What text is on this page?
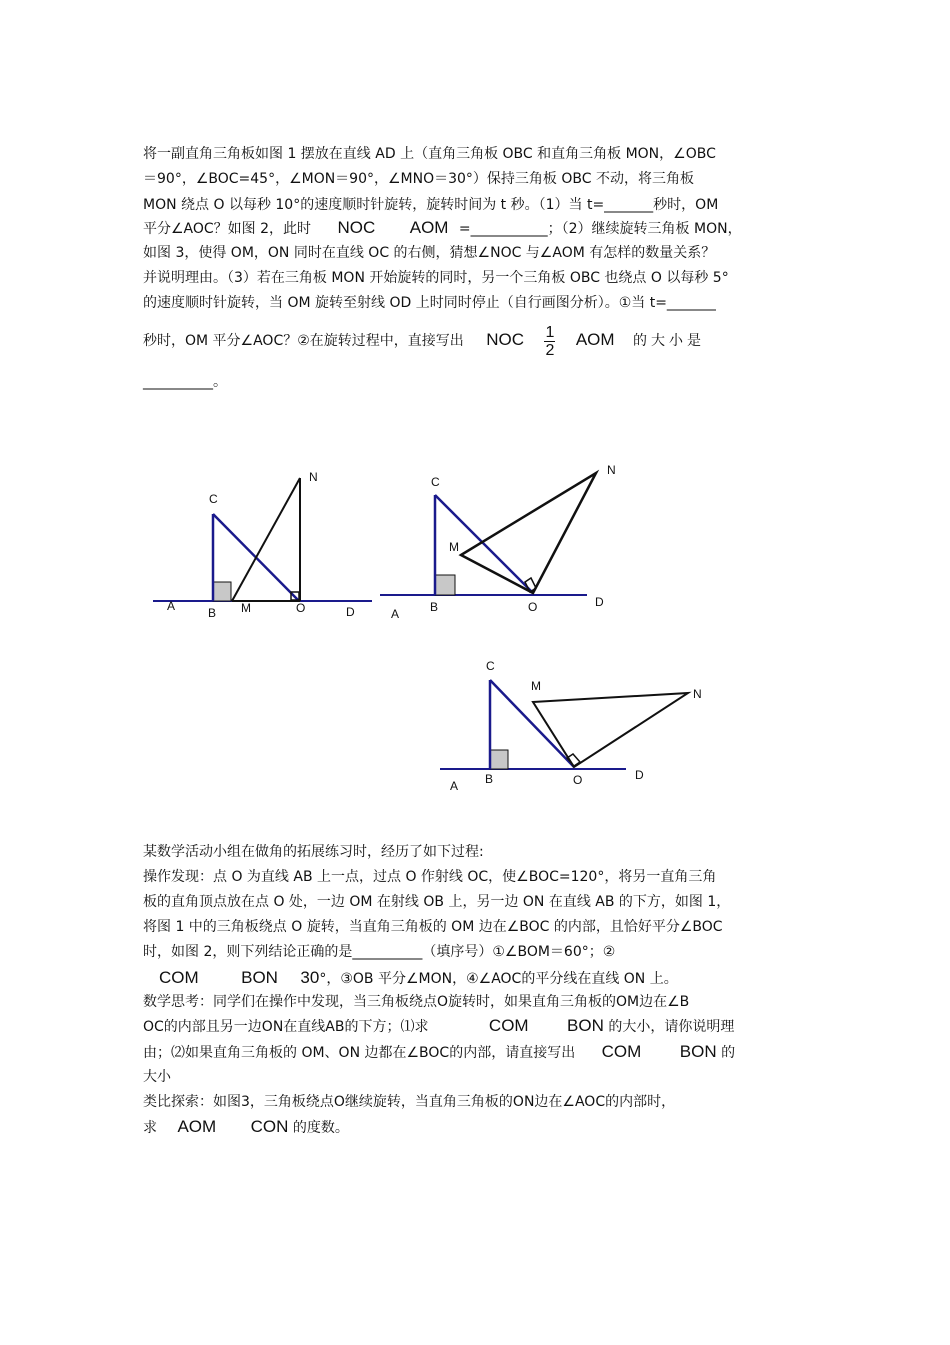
将一副直角三角板如图 1 摆放在直线 AD 上（直角三角板 OBC 和直角三角板 MON，∠OBC
＝90°，∠BOC=45°，∠MON＝90°，∠MNO＝30°）保持三角板 OBC 不动，将三角板
MON 绕点 O 以每秒 10°的速度顺时针旋转，旋转时间为 t 秒。（1）当 t=_______秒时，OM
平分∠AOC？如图 2，此时 NOC AOM =___________；（2）继续旋转三角板 MON，
如图 3，使得 OM，ON 同时在直线 OC 的右侧，猜想∠NOC 与∠AOM 有怎样的数量关系？
并说明理由。（3）若在三角板 MON 开始旋转的同时，另一个三角板 OBC 也绕点 O 以每秒 5°
的速度顺时针旋转，当 OM 旋转至射线 OD 上时同时停止（自行画图分析）。①当 t=_______
秒时，OM 平分∠AOC？②在旋转过程中，直接写出 NOC $\frac{1}{2}$ AOM 的大小是
__________。
C
N
A	B M	O	D
C
N
M
A	B	O	D
C
M
N
A B	O	D
某数学活动小组在做角的拓展练习时，经历了如下过程:
操作发现：点 O 为直线 AB 上一点，过点 O 作射线 OC，使∠BOC=120°，将另一直角三角
板的直角顶点放在点 O 处，一边 OM 在射线 OB 上，另一边 ON 在直线 AB 的下方，如图 1，
将图 1 中的三角板绕点 O 旋转，当直角三角板的 OM 边在∠BOC 的内部，且恰好平分∠BOC
时，如图 2，则下列结论正确的是__________（填序号）①∠BOM＝60°；②
COM BON 30°，③OB 平分∠MON，④∠AOC的平分线在直线 ON 上。
数学思考：同学们在操作中发现，当三角板绕点O旋转时，如果直角三角板的OM边在∠B
OC的内部且另一边ON在直线AB的下方；⑴求	COM BON 的大小，请你说明理
由；⑵如果直角三角板的 OM、ON 边都在∠BOC的内部，请直接写出 COM BON 的
大小
类比探索：如图3，三角板绕点O继续旋转，当直角三角板的ON边在∠AOC的内部时，
求 AOM CON 的度数。
